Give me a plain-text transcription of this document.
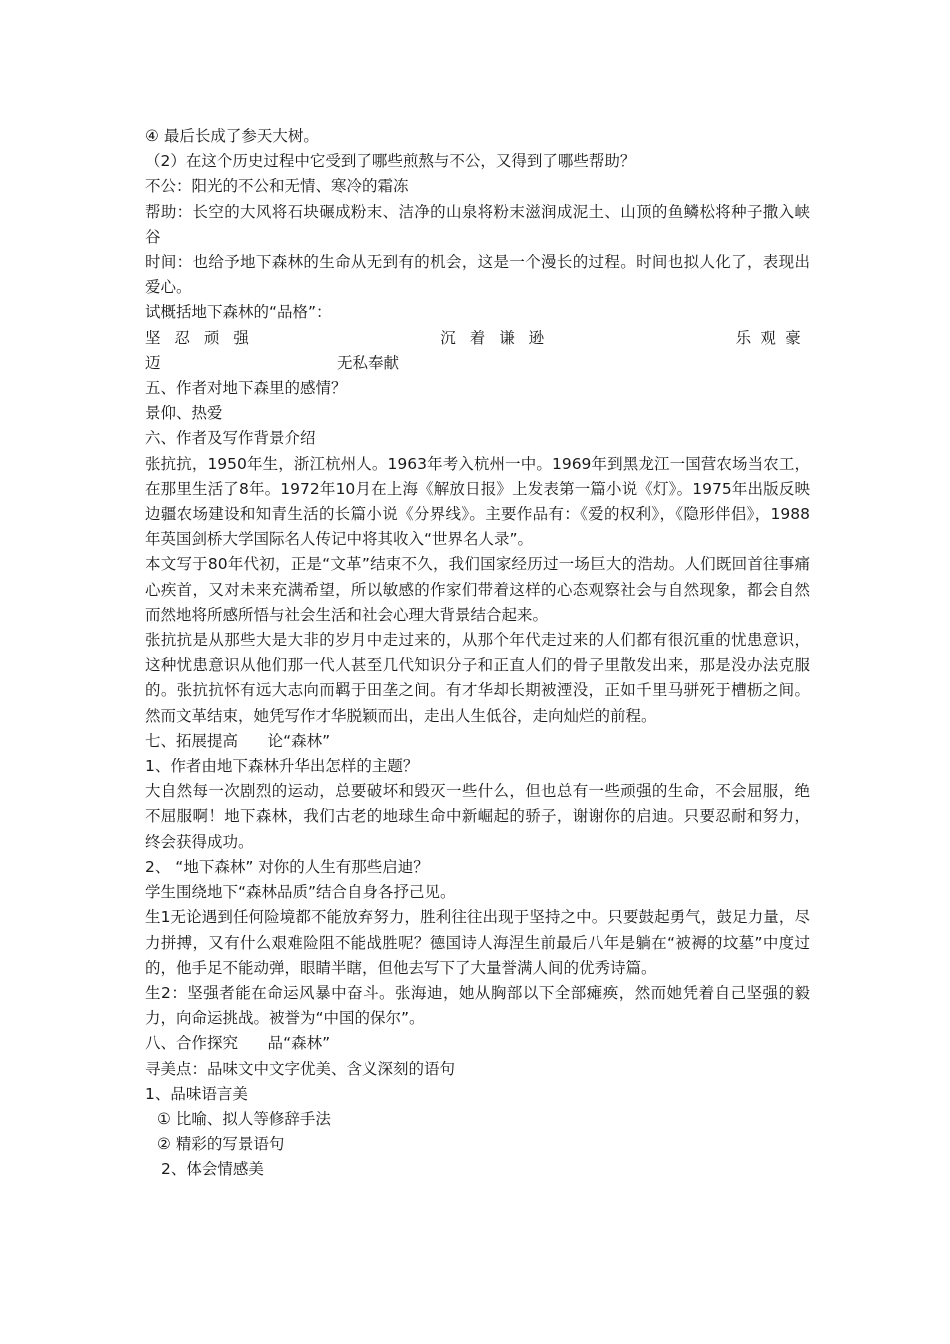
④ 最后长成了参天大树。

（2）在这个历史过程中它受到了哪些煎熬与不公，又得到了哪些帮助？

不公：阳光的不公和无情、寒冷的霜冻

帮助：长空的大风将石块碾成粉末、洁净的山泉将粉末滋润成泥土、山顶的鱼鳞松将种子撒入峡谷

时间：也给予地下森林的生命从无到有的机会，这是一个漫长的过程。时间也拟人化了，表现出爱心。

试概括地下森林的“品格”：

坚忍顽强	沉着谦逊	乐观豪
迈	无私奉献

五、作者对地下森里的感情？

景仰、热爱

六、作者及写作背景介绍

张抗抗，1950年生，浙江杭州人。1963年考入杭州一中。1969年到黑龙江一国营农场当农工，在那里生活了8年。1972年10月在上海《解放日报》上发表第一篇小说《灯》。1975年出版反映边疆农场建设和知青生活的长篇小说《分界线》。主要作品有：《爱的权利》，《隐形伴侣》，1988年英国剑桥大学国际名人传记中将其收入“世界名人录”。

本文写于80年代初，正是“文革”结束不久，我们国家经历过一场巨大的浩劫。人们既回首往事痛心疾首，又对未来充满希望，所以敏感的作家们带着这样的心态观察社会与自然现象，都会自然而然地将所感所悟与社会生活和社会心理大背景结合起来。

张抗抗是从那些大是大非的岁月中走过来的，从那个年代走过来的人们都有很沉重的忧患意识，这种忧患意识从他们那一代人甚至几代知识分子和正直人们的骨子里散发出来，那是没办法克服的。张抗抗怀有远大志向而羁于田垄之间。有才华却长期被湮没，正如千里马骈死于槽枥之间。然而文革结束，她凭写作才华脱颖而出，走出人生低谷，走向灿烂的前程。

七、拓展提高      论“森林”

1、作者由地下森林升华出怎样的主题？

大自然每一次剧烈的运动，总要破坏和毁灭一些什么，但也总有一些顽强的生命，不会屈服，绝不屈服啊！地下森林，我们古老的地球生命中新崛起的骄子，谢谢你的启迪。只要忍耐和努力，终会获得成功。

2、 “地下森林” 对你的人生有那些启迪？

学生围绕地下“森林品质”结合自身各抒己见。

生1无论遇到任何险境都不能放弃努力，胜利往往出现于坚持之中。只要鼓起勇气，鼓足力量，尽力拼搏，又有什么艰难险阻不能战胜呢？德国诗人海涅生前最后八年是躺在“被褥的坟墓”中度过的，他手足不能动弹，眼睛半瞎，但他去写下了大量誉满人间的优秀诗篇。

生2：坚强者能在命运风暴中奋斗。张海迪，她从胸部以下全部瘫痪，然而她凭着自己坚强的毅力，向命运挑战。被誉为“中国的保尔”。

八、合作探究      品“森林”

寻美点：品味文中文字优美、含义深刻的语句

1、品味语言美

① 比喻、拟人等修辞手法

② 精彩的写景语句

2、体会情感美
